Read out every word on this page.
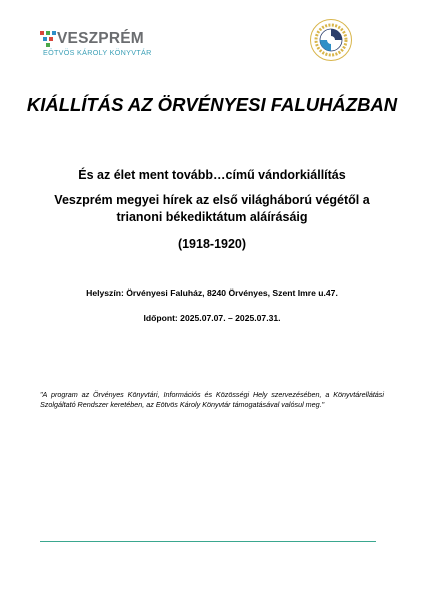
VESZPRÉM
EÖTVÖS KÁROLY KÖNYVTÁR
KIÁLLÍTÁS AZ ÖRVÉNYESI FALUHÁZBAN
És az élet ment tovább…című vándorkiállítás
Veszprém megyei hírek az első világháború végétől a trianoni békediktátum aláírásáig
(1918-1920)
Helyszín: Örvényesi Faluház, 8240 Örvényes, Szent Imre u.47.
Időpont: 2025.07.07. – 2025.07.31.
"A program az Örvényes Könyvtári, Információs és Közösségi Hely szervezésében, a Könyvtárellátási Szolgáltató Rendszer keretében, az Eötvös Károly Könyvtár támogatásával valósul meg."
